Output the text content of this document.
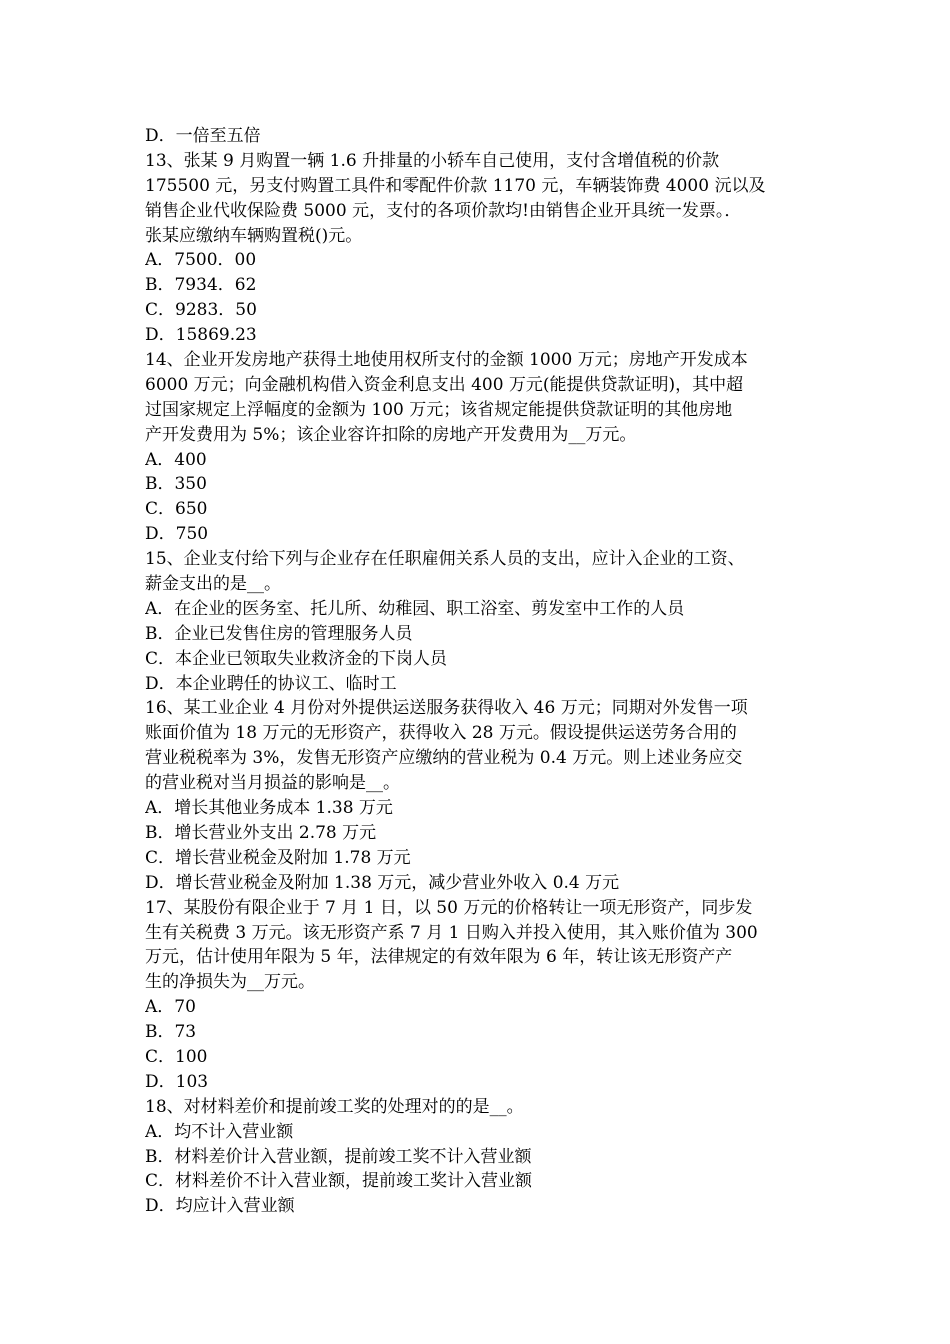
D．一倍至五倍
13、张某 9 月购置一辆 1.6 升排量的小轿车自己使用，支付含增值税的价款
175500 元，另支付购置工具件和零配件价款 1170 元，车辆装饰费 4000 沅以及
销售企业代收保险费 5000 元，支付的各项价款均!由销售企业开具统一发票。．
张某应缴纳车辆购置税()元。
A．7500．00
B．7934．62
C．9283．50
D．15869.23
14、企业开发房地产获得土地使用权所支付的金额 1000 万元；房地产开发成本
6000 万元；向金融机构借入资金利息支出 400 万元(能提供贷款证明)，其中超
过国家规定上浮幅度的金额为 100 万元；该省规定能提供贷款证明的其他房地
产开发费用为 5%；该企业容许扣除的房地产开发费用为__万元。
A．400
B．350
C．650
D．750
15、企业支付给下列与企业存在任职雇佣关系人员的支出，应计入企业的工资、
薪金支出的是__。
A．在企业的医务室、托儿所、幼稚园、职工浴室、剪发室中工作的人员
B．企业已发售住房的管理服务人员
C．本企业已领取失业救济金的下岗人员
D．本企业聘任的协议工、临时工
16、某工业企业 4 月份对外提供运送服务获得收入 46 万元；同期对外发售一项
账面价值为 18 万元的无形资产，获得收入 28 万元。假设提供运送劳务合用的
营业税税率为 3%，发售无形资产应缴纳的营业税为 0.4 万元。则上述业务应交
的营业税对当月损益的影响是__。
A．增长其他业务成本 1.38 万元
B．增长营业外支出 2.78 万元
C．增长营业税金及附加 1.78 万元
D．增长营业税金及附加 1.38 万元，减少营业外收入 0.4 万元
17、某股份有限企业于 7 月 1 日，以 50 万元的价格转让一项无形资产，同步发
生有关税费 3 万元。该无形资产系 7 月 1 日购入并投入使用，其入账价值为 300
万元，估计使用年限为 5 年，法律规定的有效年限为 6 年，转让该无形资产产
生的净损失为__万元。
A．70
B．73
C．100
D．103
18、对材料差价和提前竣工奖的处理对的的是__。
A．均不计入营业额
B．材料差价计入营业额，提前竣工奖不计入营业额
C．材料差价不计入营业额，提前竣工奖计入营业额
D．均应计入营业额
